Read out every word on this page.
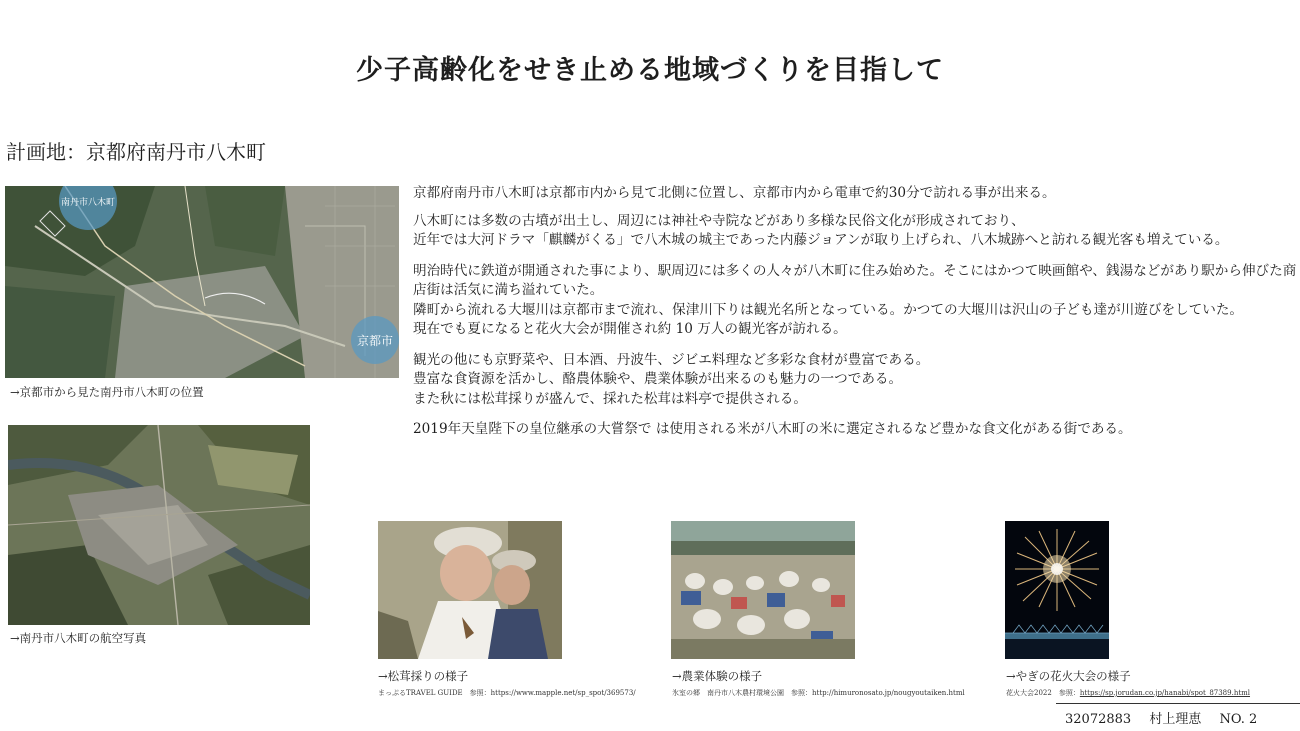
少子高齢化をせき止める地域づくりを目指して
計画地：京都府南丹市八木町
南丹市八木町
京都市
→京都市から見た南丹市八木町の位置
→南丹市八木町の航空写真

京都府南丹市八木町は京都市内から見て北側に位置し、京都市内から電車で約30分で訪れる事が出来る。

八木町には多数の古墳が出土し、周辺には神社や寺院などがあり多様な民俗文化が形成されており、
近年では大河ドラマ「麒麟がくる」で八木城の城主であった内藤ジョアンが取り上げられ、八木城跡へと訪れる観光客も増えている。

明治時代に鉄道が開通された事により、駅周辺には多くの人々が八木町に住み始めた。そこにはかつて映画館や、銭湯などがあり駅から伸びた商店街は活気に満ち溢れていた。
隣町から流れる大堰川は京都市まで流れ、保津川下りは観光名所となっている。かつての大堰川は沢山の子ども達が川遊びをしていた。
現在でも夏になると花火大会が開催され約 10 万人の観光客が訪れる。

観光の他にも京野菜や、日本酒、丹波牛、ジビエ料理など多彩な食材が豊富である。
豊富な食資源を活かし、酪農体験や、農業体験が出来るのも魅力の一つである。
また秋には松茸採りが盛んで、採れた松茸は料亭で提供される。

2019年天皇陛下の皇位継承の大嘗祭で は使用される米が八木町の米に選定されるなど豊かな食文化がある街である。

→松茸採りの様子
まっぷるTRAVEL GUIDE　参照：https://www.mapple.net/sp_spot/369573/
→農業体験の様子
氷室の郷　南丹市八木農村環境公園　参照：http://himuronosato.jp/nougyoutaiken.html
→やぎの花火大会の様子
花火大会2022　参照：https://sp.jorudan.co.jp/hanabi/spot_87389.html
32072883 村上理恵 NO. 2
